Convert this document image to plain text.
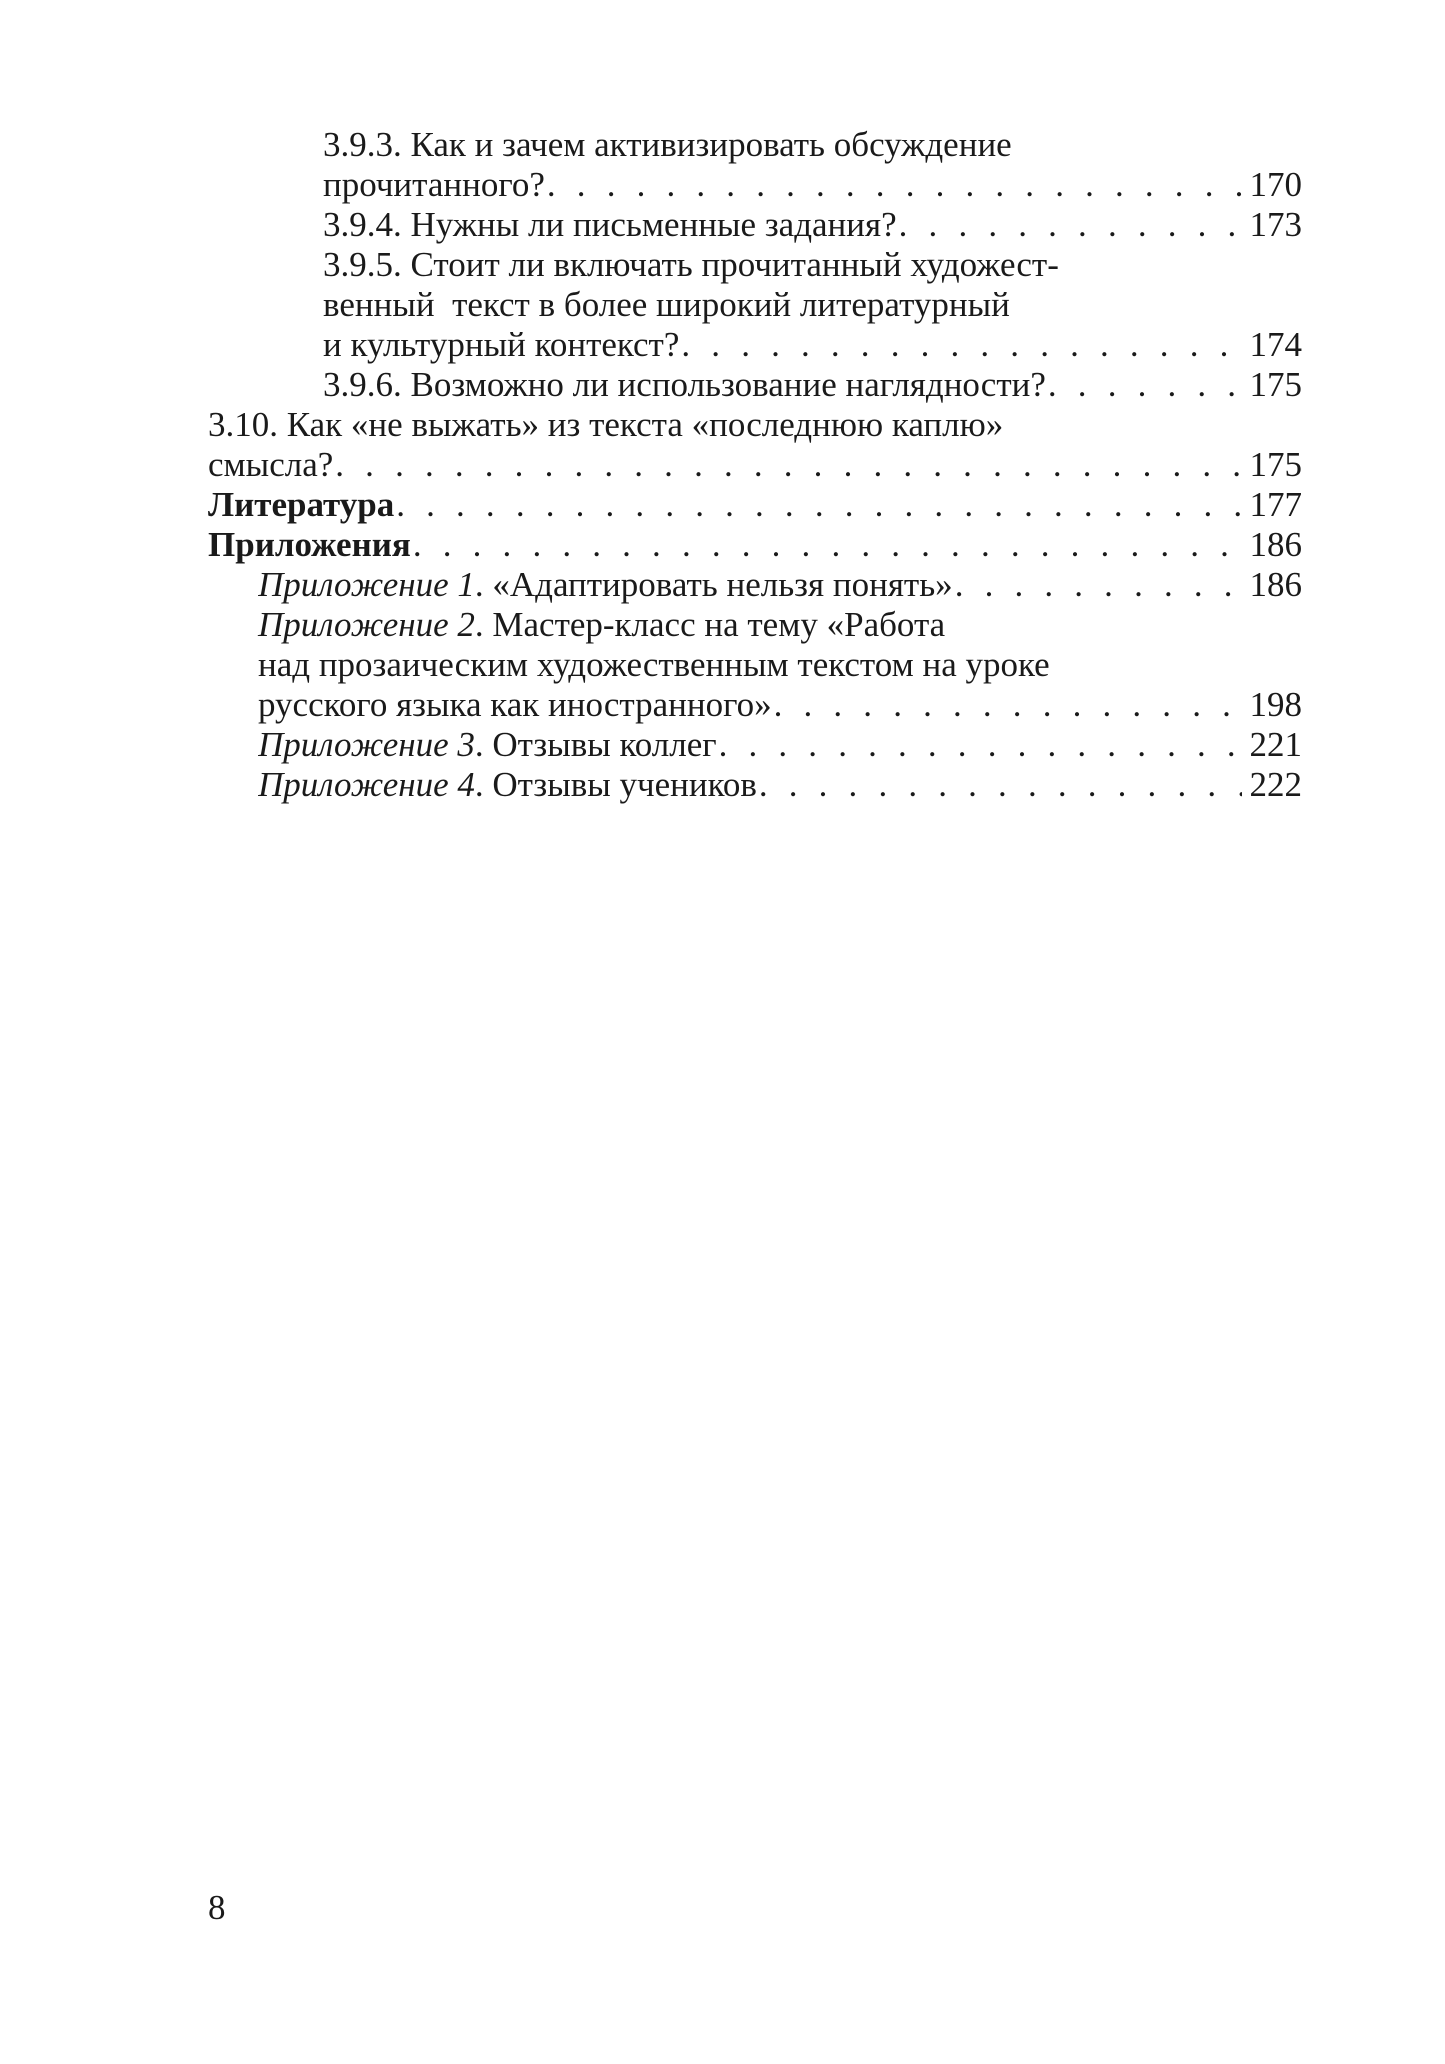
3.9.3. Как и зачем активизировать обсуждение
прочитанного? . . .	170
3.9.4. Нужны ли письменные задания? . . .	173
3.9.5. Стоит ли включать прочитанный художест-
венный  текст в более широкий литературный
и культурный контекст? . . .	174
3.9.6. Возможно ли использование наглядности? . . .	175
3.10. Как «не выжать» из текста «последнюю каплю»
смысла? . . .	175
Литература . . .	177
Приложения . . .	186
Приложение 1. «Адаптировать нельзя понять» . . .	186
Приложение 2. Мастер-класс на тему «Работа
над прозаическим художественным текстом на уроке
русского языка как иностранного» . . .	198
Приложение 3. Отзывы коллег . . .	221
Приложение 4. Отзывы учеников . . .	222
8
